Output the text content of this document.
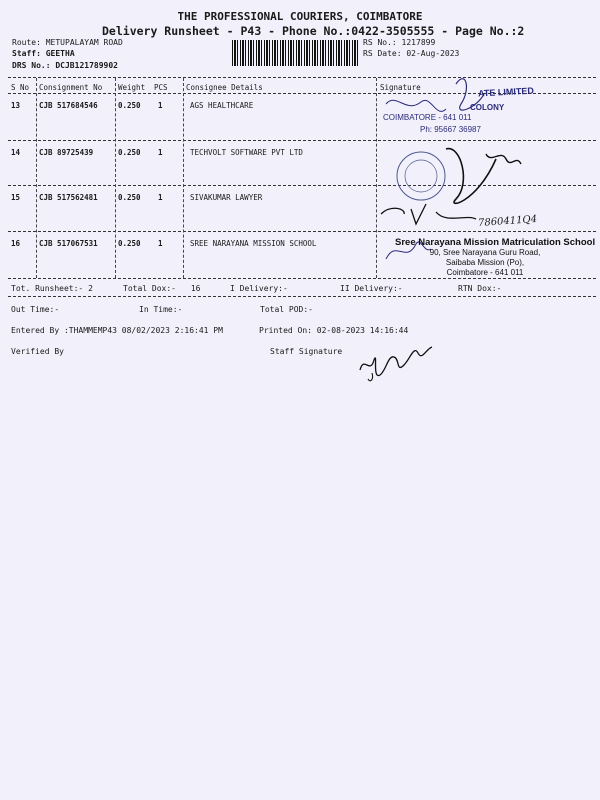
THE PROFESSIONAL COURIERS, COIMBATORE
Delivery Runsheet - P43 - Phone No.:0422-3505555 - Page No.:2
Route: METUPALAYAM ROAD
Staff: GEETHA
DRS No.: DCJB121789902
RS No.: 1217899
RS Date: 02-Aug-2023
S No Consignment No Weight PCS Consignee Details	Signature
13	CJB 517684546	0.250 1	AGS HEALTHCARE
14	CJB 89725439	0.250 1	TECHVOLT SOFTWARE PVT LTD
15	CJB 517562481	0.250 1	SIVAKUMAR LAWYER
16	CJB 517067531	0.250 1	SREE NARAYANA MISSION SCHOOL
ATE LIMITED
COLONY
COIMBATORE - 641 011
Ph: 95667 36987
7860411Q4
Sree Narayana Mission Matriculation School
90, Sree Narayana Guru Road,
Saibaba Mission (Po),
Coimbatore - 641 011
Tot. Runsheet:- 2	Total Dox:- 16	I Delivery:-	II Delivery:-	RTN Dox:-
Out Time:-	In Time:-	Total POD:-
Entered By :THAMMEMP43 08/02/2023 2:16:41 PM	Printed On: 02-08-2023 14:16:44
Verified By	Staff Signature
